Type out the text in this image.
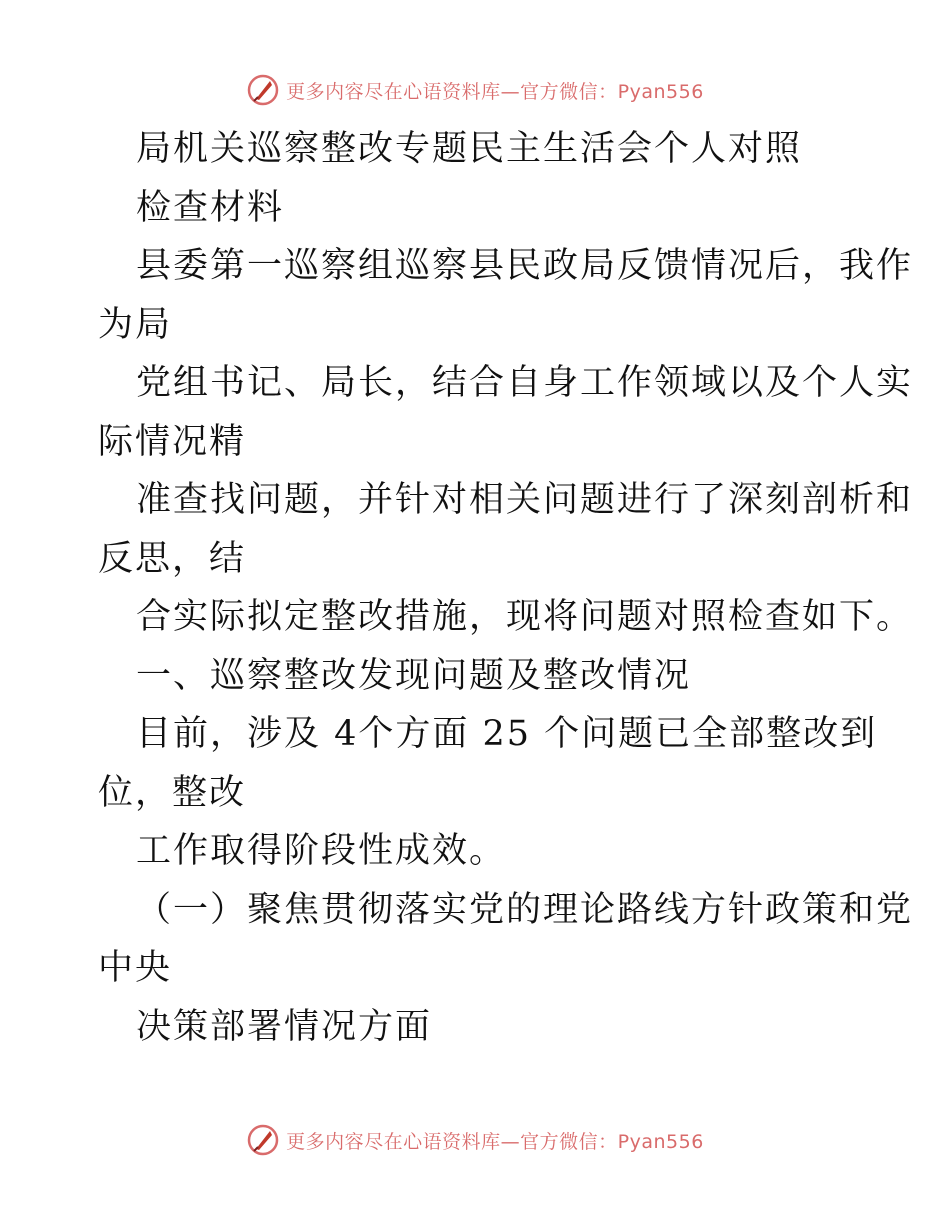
更多内容尽在心语资料库—官方微信：Pyan556
局机关巡察整改专题民主生活会个人对照
检查材料
县委第一巡察组巡察县民政局反馈情况后，我作
为局
党组书记、局长，结合自身工作领域以及个人实
际情况精
准查找问题，并针对相关问题进行了深刻剖析和
反思，结
合实际拟定整改措施，现将问题对照检查如下。
一、巡察整改发现问题及整改情况
目前，涉及 4个方面 25 个问题已全部整改到
位，整改
工作取得阶段性成效。
（一）聚焦贯彻落实党的理论路线方针政策和党
中央
决策部署情况方面
更多内容尽在心语资料库—官方微信：Pyan556
